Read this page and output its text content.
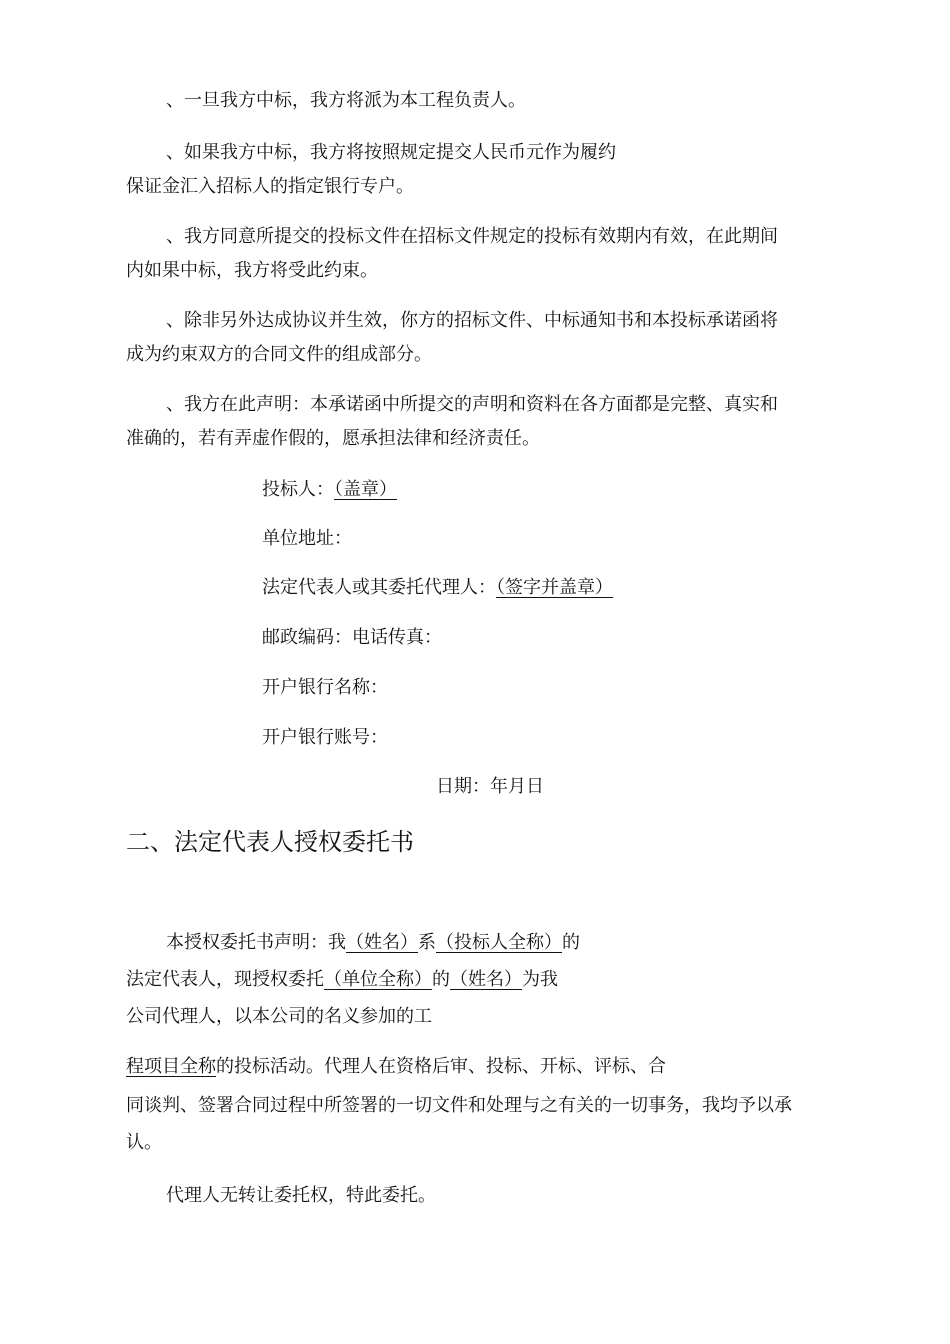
、一旦我方中标，我方将派为本工程负责人。
、如果我方中标，我方将按照规定提交人民币元作为履约
保证金汇入招标人的指定银行专户。
、我方同意所提交的投标文件在招标文件规定的投标有效期内有效，在此期间
内如果中标，我方将受此约束。
、除非另外达成协议并生效，你方的招标文件、中标通知书和本投标承诺函将
成为约束双方的合同文件的组成部分。
、我方在此声明：本承诺函中所提交的声明和资料在各方面都是完整、真实和
准确的，若有弄虚作假的，愿承担法律和经济责任。
投标人：（盖章）
单位地址：
法定代表人或其委托代理人：（签字并盖章）
邮政编码：电话传真：
开户银行名称：
开户银行账号：
日期：年月日
二、法定代表人授权委托书
本授权委托书声明：我（姓名）系（投标人全称）的
法定代表人，现授权委托（单位全称）的（姓名）为我
公司代理人，以本公司的名义参加的工
程项目全称的投标活动。代理人在资格后审、投标、开标、评标、合
同谈判、签署合同过程中所签署的一切文件和处理与之有关的一切事务，我均予以承
认。
代理人无转让委托权，特此委托。
